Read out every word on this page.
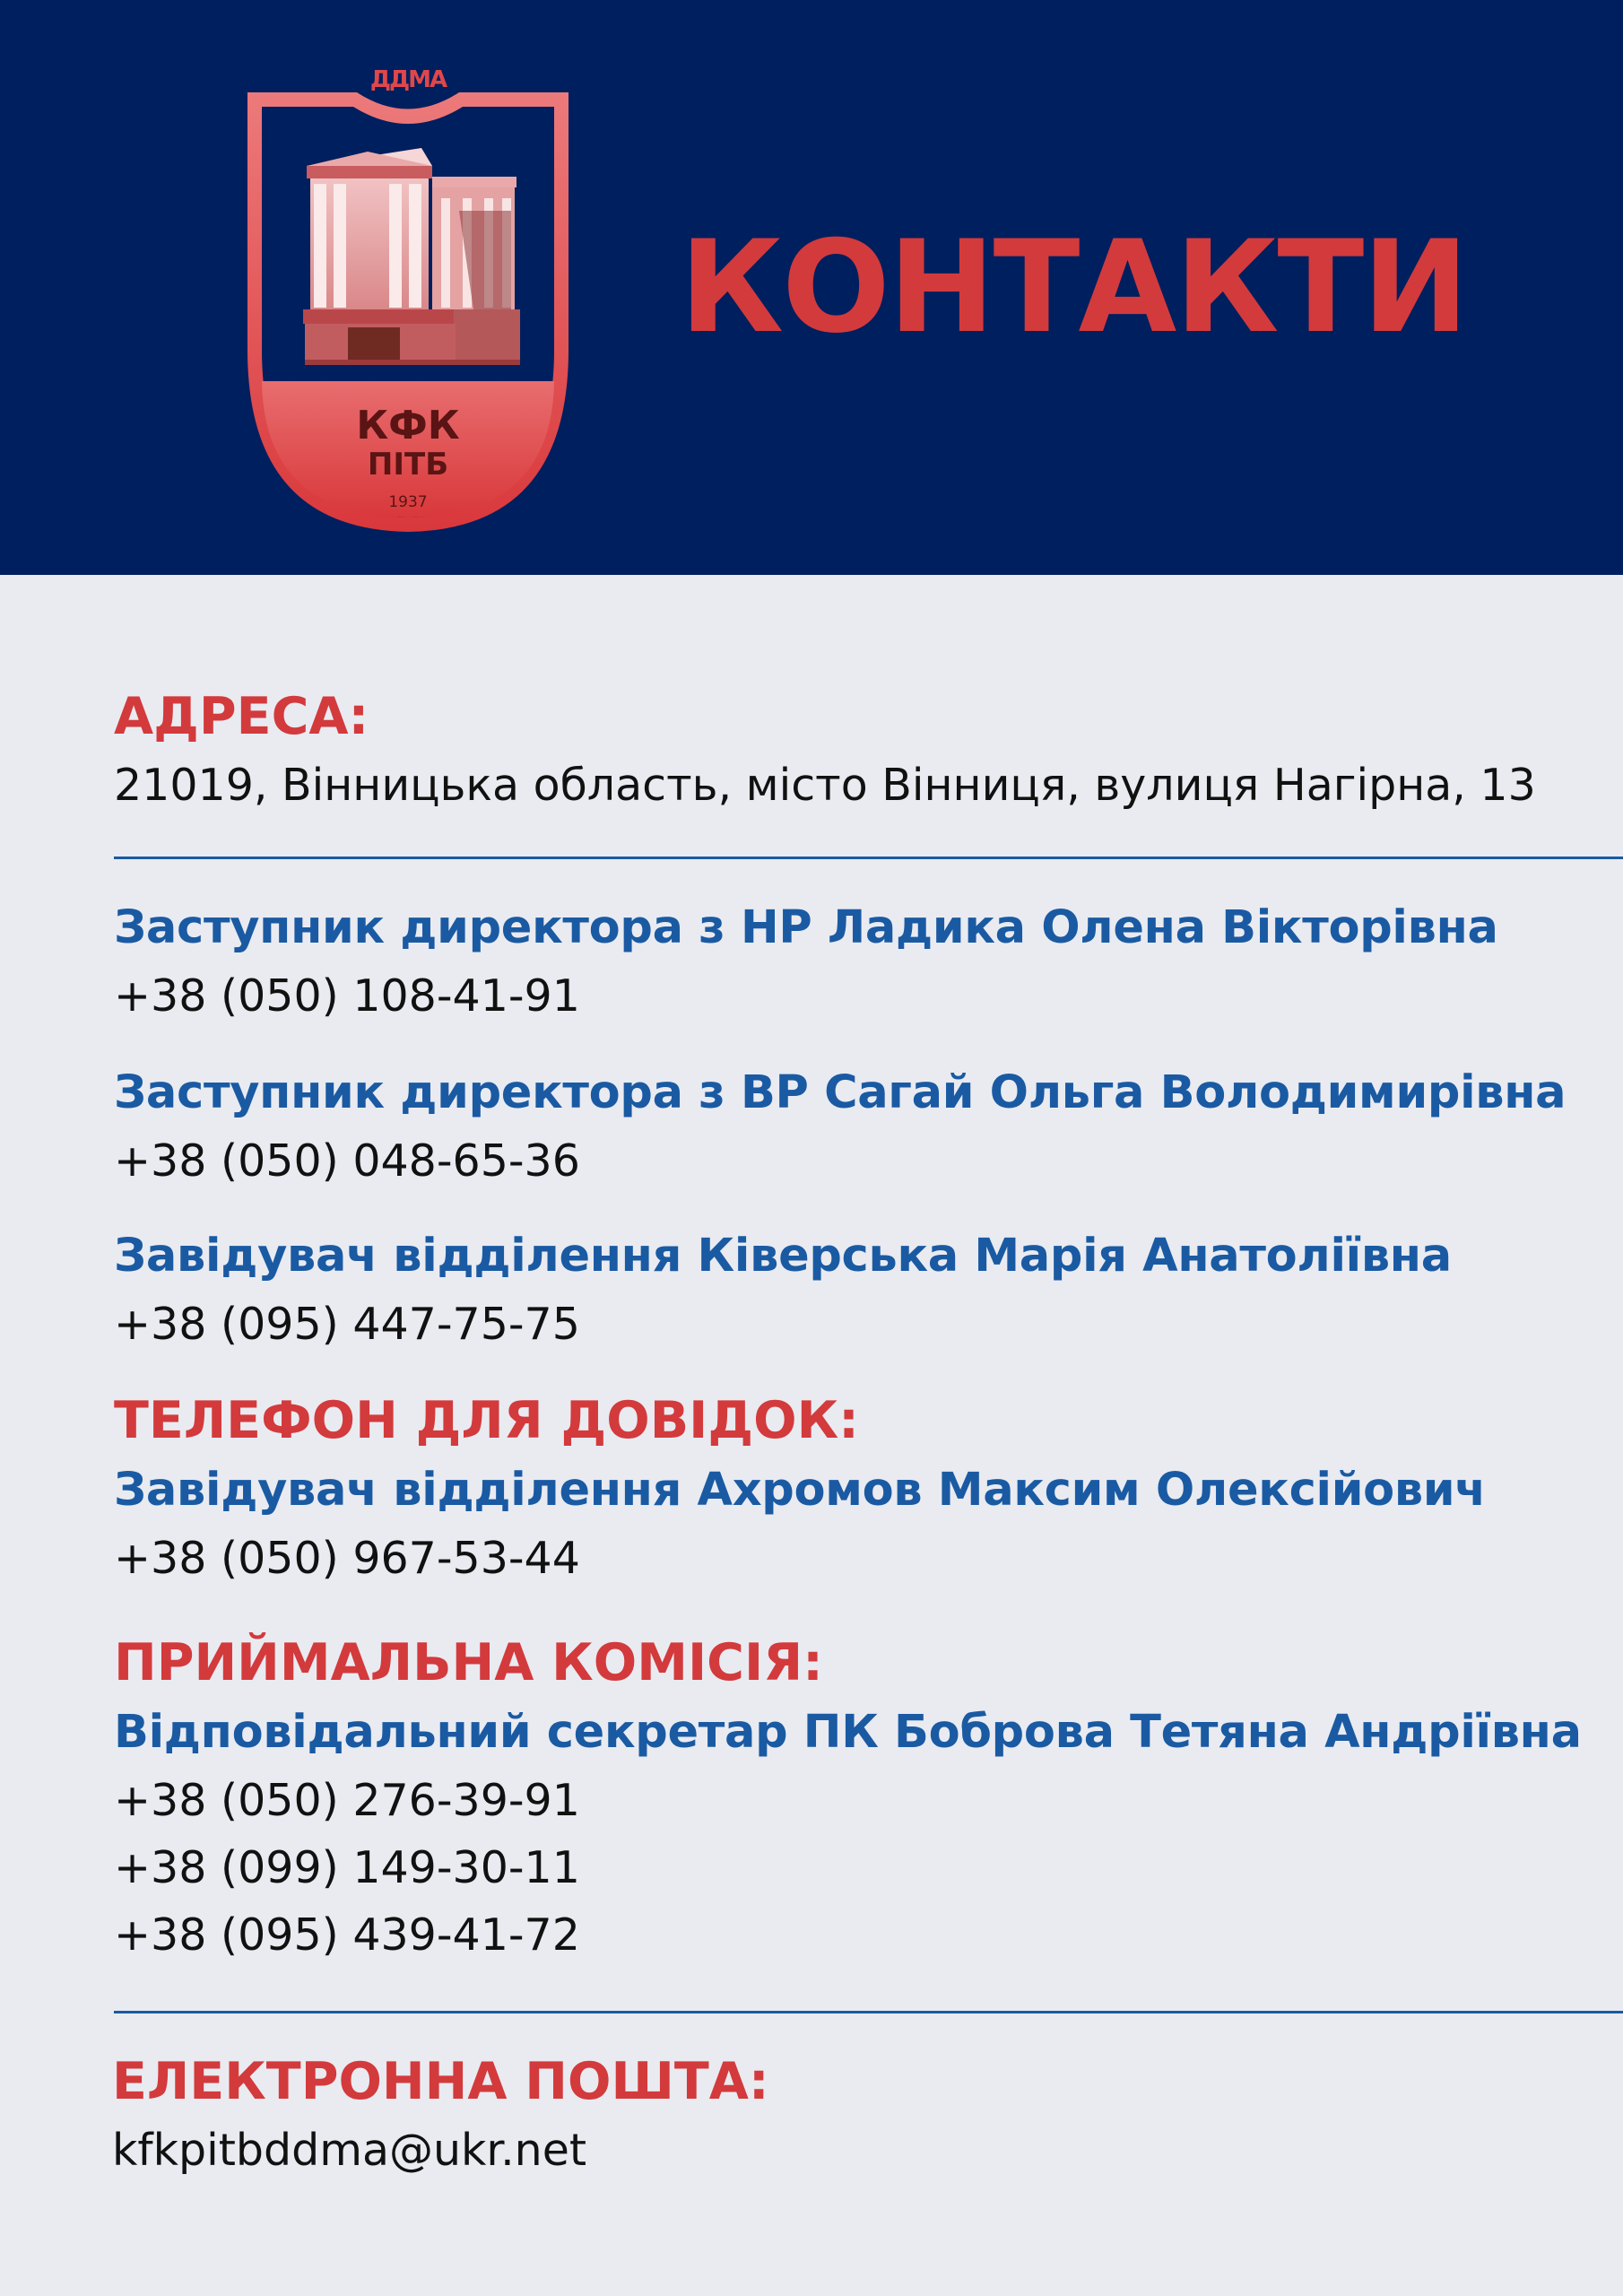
ДДМА
КФК
ПІТБ
1937
КОНТАКТИ
АДРЕСА:
21019, Вінницька область, місто Вінниця, вулиця Нагірна, 13
Заступник директора з НР Ладика Олена Вікторівна
+38 (050) 108-41-91
Заступник директора з ВР Сагай Ольга Володимирівна
+38 (050) 048-65-36
Завідувач відділення Ківерська Марія Анатоліївна
+38 (095) 447-75-75
ТЕЛЕФОН ДЛЯ ДОВІДОК:
Завідувач відділення Ахромов Максим Олексійович
+38 (050) 967-53-44
ПРИЙМАЛЬНА КОМІСІЯ:
Відповідальний секретар ПК Боброва Тетяна Андріївна
+38 (050) 276-39-91
+38 (099) 149-30-11
+38 (095) 439-41-72
ЕЛЕКТРОННА ПОШТА:
kfkpitbddma@ukr.net
